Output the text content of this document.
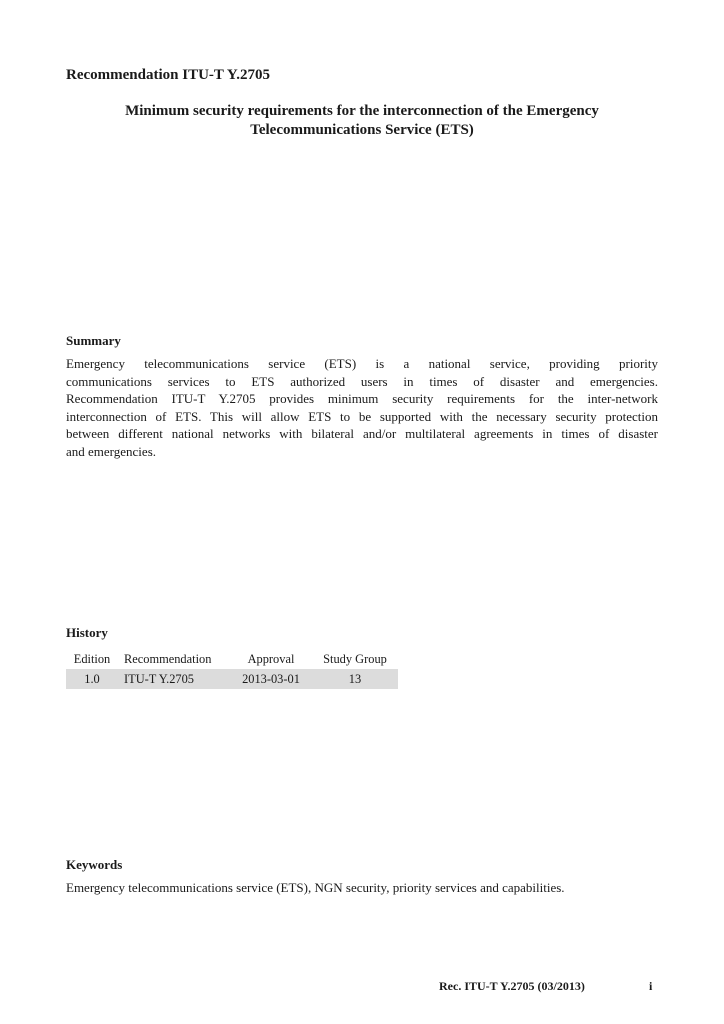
Recommendation ITU-T Y.2705
Minimum security requirements for the interconnection of the Emergency
Telecommunications Service (ETS)
Summary

Emergency telecommunications service (ETS) is a national service, providing priority
communications services to ETS authorized users in times of disaster and emergencies.
Recommendation ITU-T Y.2705 provides minimum security requirements for the inter-network
interconnection of ETS. This will allow ETS to be supported with the necessary security protection
between different national networks with bilateral and/or multilateral agreements in times of disaster
and emergencies.

History
Edition	Recommendation	Approval	Study Group
1.0	ITU-T Y.2705	2013-03-01	13
Keywords

Emergency telecommunications service (ETS), NGN security, priority services and capabilities.

Rec. ITU-T Y.2705 (03/2013)	i
